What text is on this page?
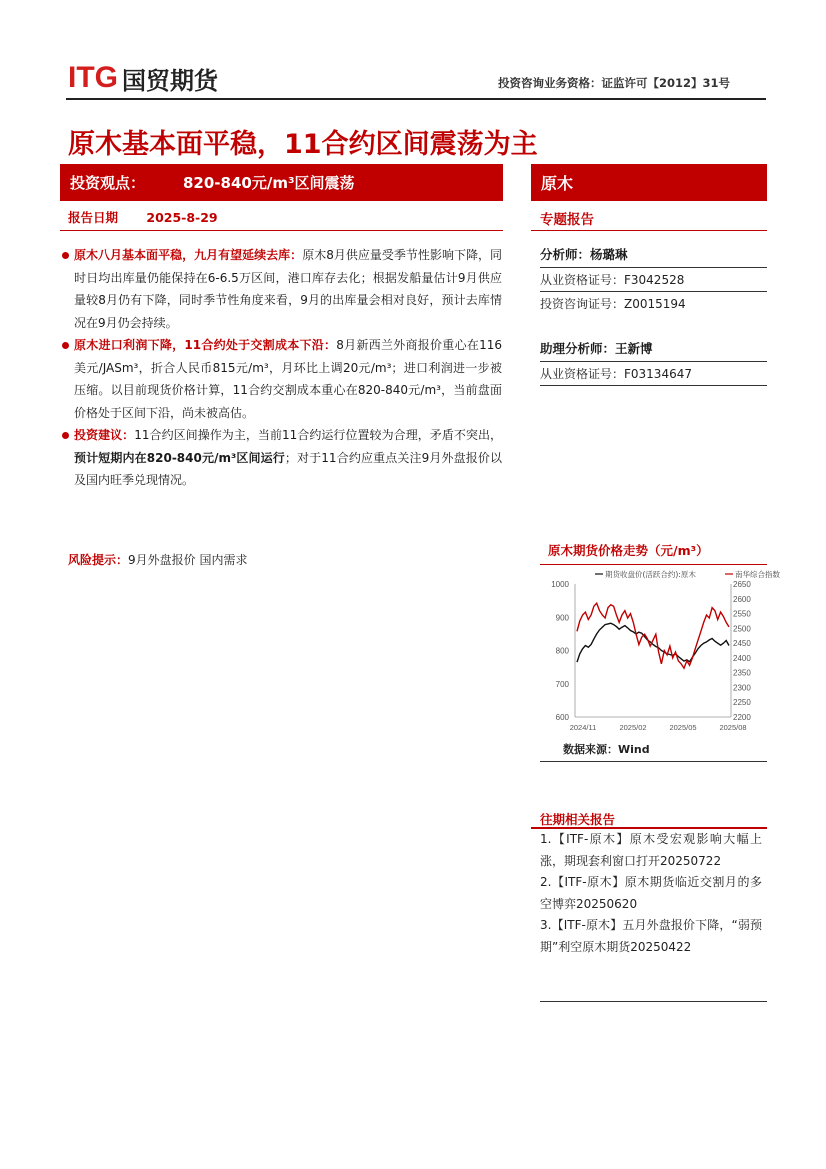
ITG 国贸期货	投资咨询业务资格：证监许可【2012】31号
原木基本面平稳，11合约区间震荡为主
投资观点：	820-840元/m³区间震荡	原木
报告日期 2025-8-29	专题报告
原木八月基本面平稳，九月有望延续去库：原木8月供应量受季节性影响下降，同时日均出库量仍能保持在6-6.5万区间，港口库存去化；根据发船量估计9月供应量较8月仍有下降，同时季节性角度来看，9月的出库量会相对良好，预计去库情况在9月仍会持续。
原木进口利润下降，11合约处于交割成本下沿：8月新西兰外商报价重心在116美元/JASm³，折合人民币815元/m³，月环比上调20元/m³；进口利润进一步被压缩。以目前现货价格计算，11合约交割成本重心在820-840元/m³，当前盘面价格处于区间下沿，尚未被高估。
投资建议：11合约区间操作为主，当前11合约运行位置较为合理，矛盾不突出，预计短期内在820-840元/m³区间运行；对于11合约应重点关注9月外盘报价以及国内旺季兑现情况。
风险提示：9月外盘报价 国内需求
分析师：杨璐琳
从业资格证号：F3042528
投资咨询证号：Z0015194
助理分析师：王新博
从业资格证号：F03134647
原木期货价格走势（元/m³）
1000
900
800
700
600
2650
2600
2550
2500
2450
2400
2350
2300
2250
2200
2024/11	2025/02	2025/05	2025/08
期货收盘价(活跃合约):原木	南华综合指数
数据来源：Wind
往期相关报告
1.【ITF-原木】原木受宏观影响大幅上涨，期现套利窗口打开20250722
2.【ITF-原木】原木期货临近交割月的多空博弈20250620
3.【ITF-原木】五月外盘报价下降，“弱预期”利空原木期货20250422
